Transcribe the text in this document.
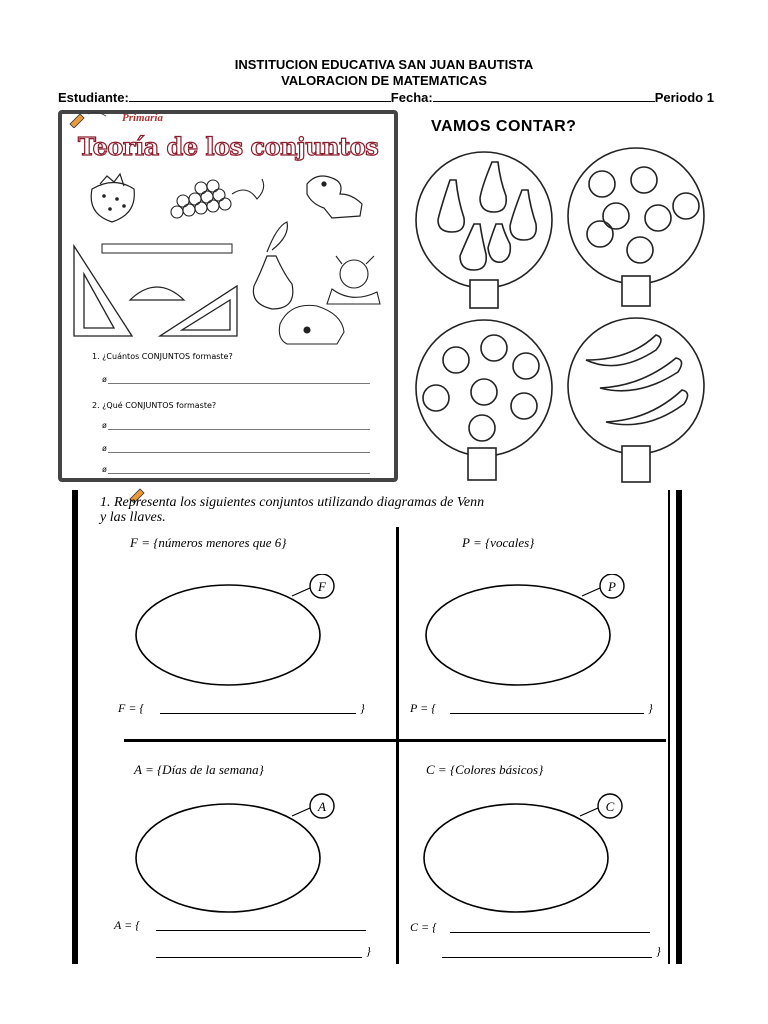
INSTITUCION EDUCATIVA SAN JUAN BAUTISTA
VALORACION DE MATEMATICAS
Estudiante:	Fecha:	Periodo 1
Primaria
Teoría de los conjuntos
1. ¿Cuántos CONJUNTOS formaste?
ø
2. ¿Qué CONJUNTOS formaste?
ø
ø
ø
VAMOS CONTAR?
1. Representa los siguientes conjuntos utilizando diagramas de Venn
y las llaves.
F = {números menores que 6}
F
F = {	}
P = {vocales}
P
P = {	}
A = {Días de la semana}
A
A = {
}
C = {Colores básicos}
C
C = {
}
